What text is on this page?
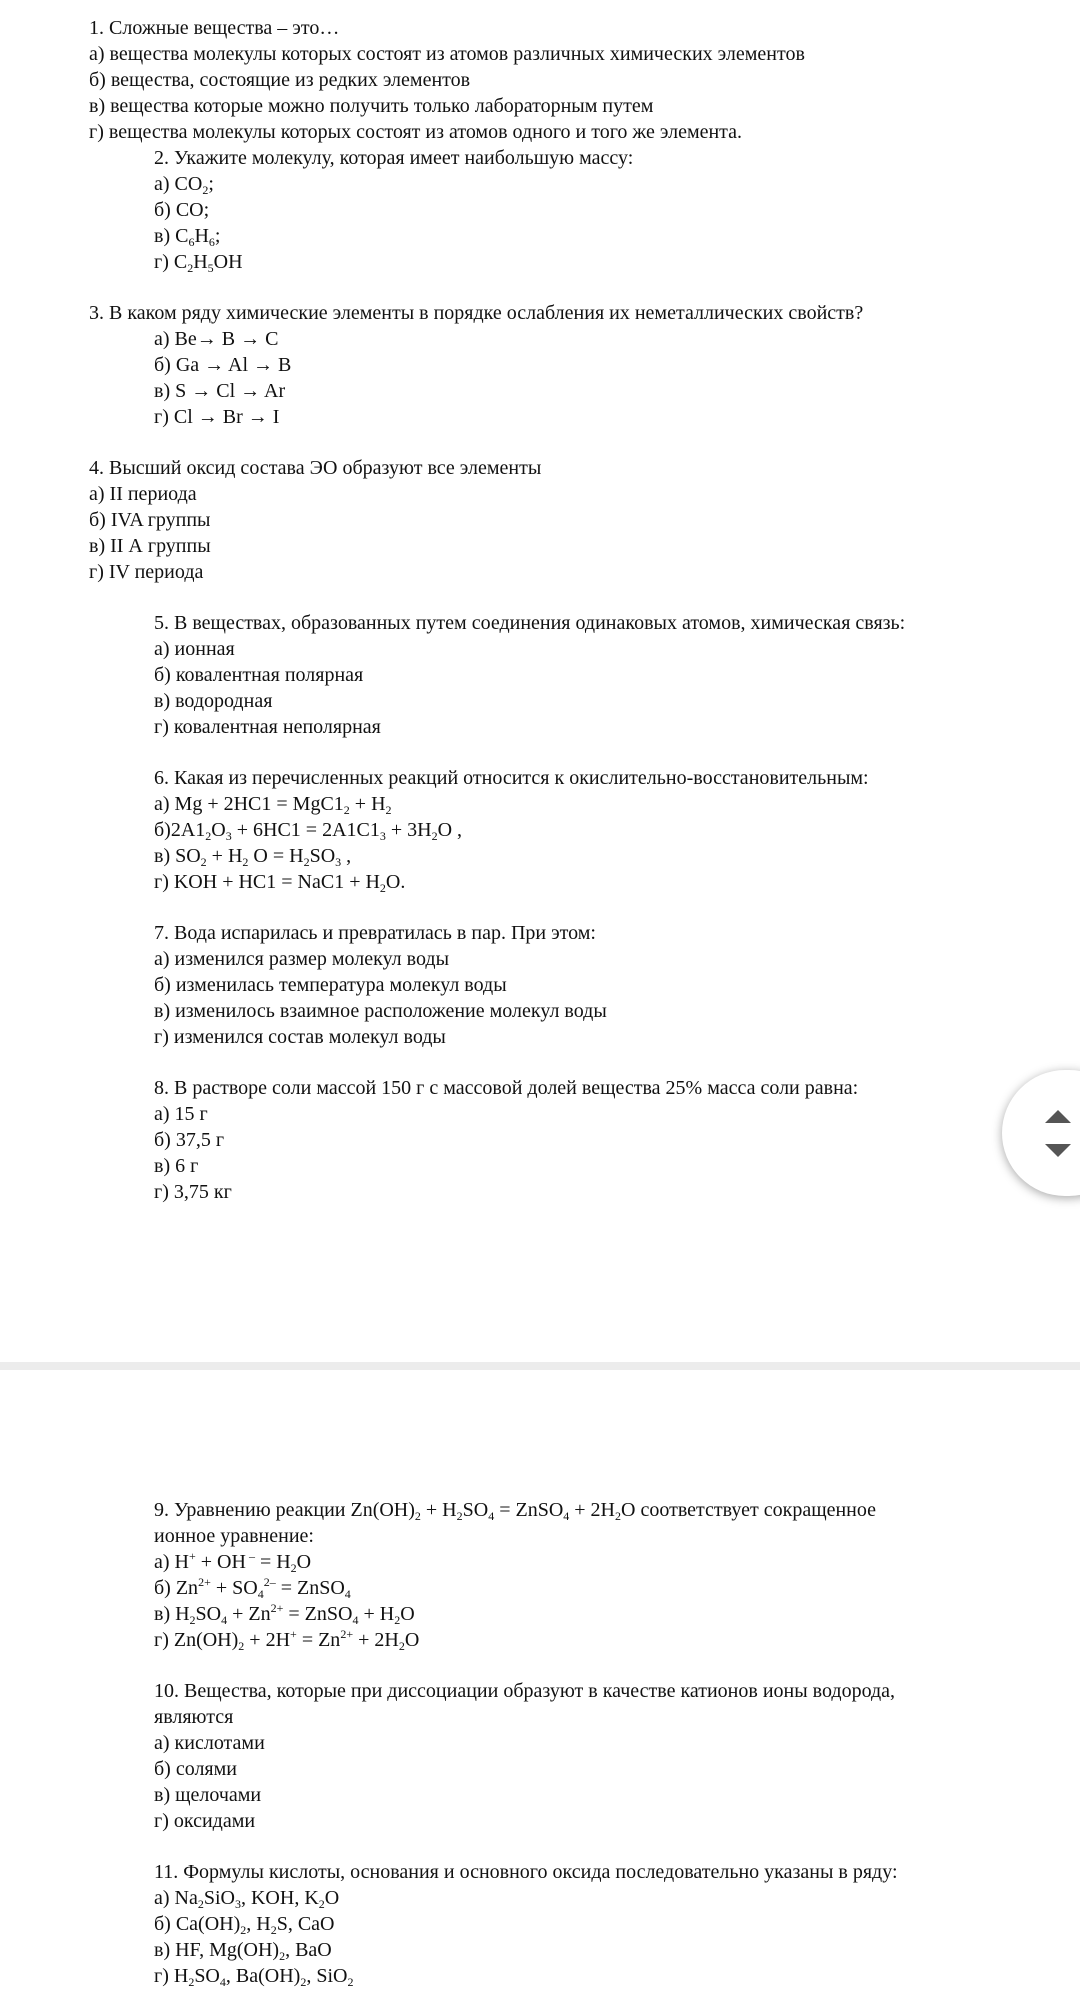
1. Сложные вещества – это…
а) вещества молекулы которых состоят из атомов различных химических элементов
б) вещества, состоящие из редких элементов
в) вещества которые можно получить только лабораторным путем
г) вещества молекулы которых состоят из атомов одного и того же элемента.
2. Укажите молекулу, которая имеет наибольшую массу:
а) $CO_2$;
б) CO;
в) $C_6H_6$;
г) $C_2H_5OH$
3. В каком ряду химические элементы в порядке ослабления их неметаллических свойств?
а) Be→ B → C
б) Ga → Al → B
в) S → Cl → Ar
г) Cl → Br → I
4. Высший оксид состава ЭО образуют все элементы
а) II периода
б) IVA группы
в) II А группы
г) IV периода
5. В веществах, образованных путем соединения одинаковых атомов, химическая связь:
а) ионная
б) ковалентная полярная
в) водородная
г) ковалентная неполярная
6. Какая из перечисленных реакций относится к окислительно-восстановительным:
а) $Mg + 2HC1 = MgC1_2 + H_2$
$б)2A1_2O_3 + 6HC1 = 2A1C1_3 + 3H_2O$ ,
в) $SO_2 + H_2$ $O = H_2SO_3$ ,
г) KOH + $HC1 = NaC1 + H_2O$.
7. Вода испарилась и превратилась в пар. При этом:
а) изменился размер молекул воды
б) изменилась температура молекул воды
в) изменилось взаимное расположение молекул воды
г) изменился состав молекул воды
8. В растворе соли массой 150 г с массовой долей вещества 25% масса соли равна:
а) 15 г
б) 37,5 г
в) 6 г
г) 3,75 кг
9. Уравнению реакции $Zn(OH)_2 + H_2SO_4$ = ZnSO$_4$ + $2H_2O$ соответствует сокращенное
ионное уравнение:
а) H+ + OH $^- = H_2O$
б) $Zn^{2+} + SO_4^{2-}$ = ZnSO$_4$
в) $H_2SO_4 + Zn^{2+}$ = ZnSO$_4$ + $H_2O$
г) $Zn(OH)_2 + 2H^+ = Zn^{2+} + 2H_2O$
10. Вещества, которые при диссоциации образуют в качестве катионов ионы водорода,
являются
а) кислотами
б) солями
в) щелочами
г) оксидами
11. Формулы кислоты, основания и основного оксида последовательно указаны в ряду:
а) $Na_2SiO_3$, KOH, $K_2O$
б) $Ca(OH)_2$, $H_2S$, CaO
в) HF, $Mg(OH)_2$, BaO
г) $H_2SO_4$, $Ba(OH)_2$, SiO$_2$
